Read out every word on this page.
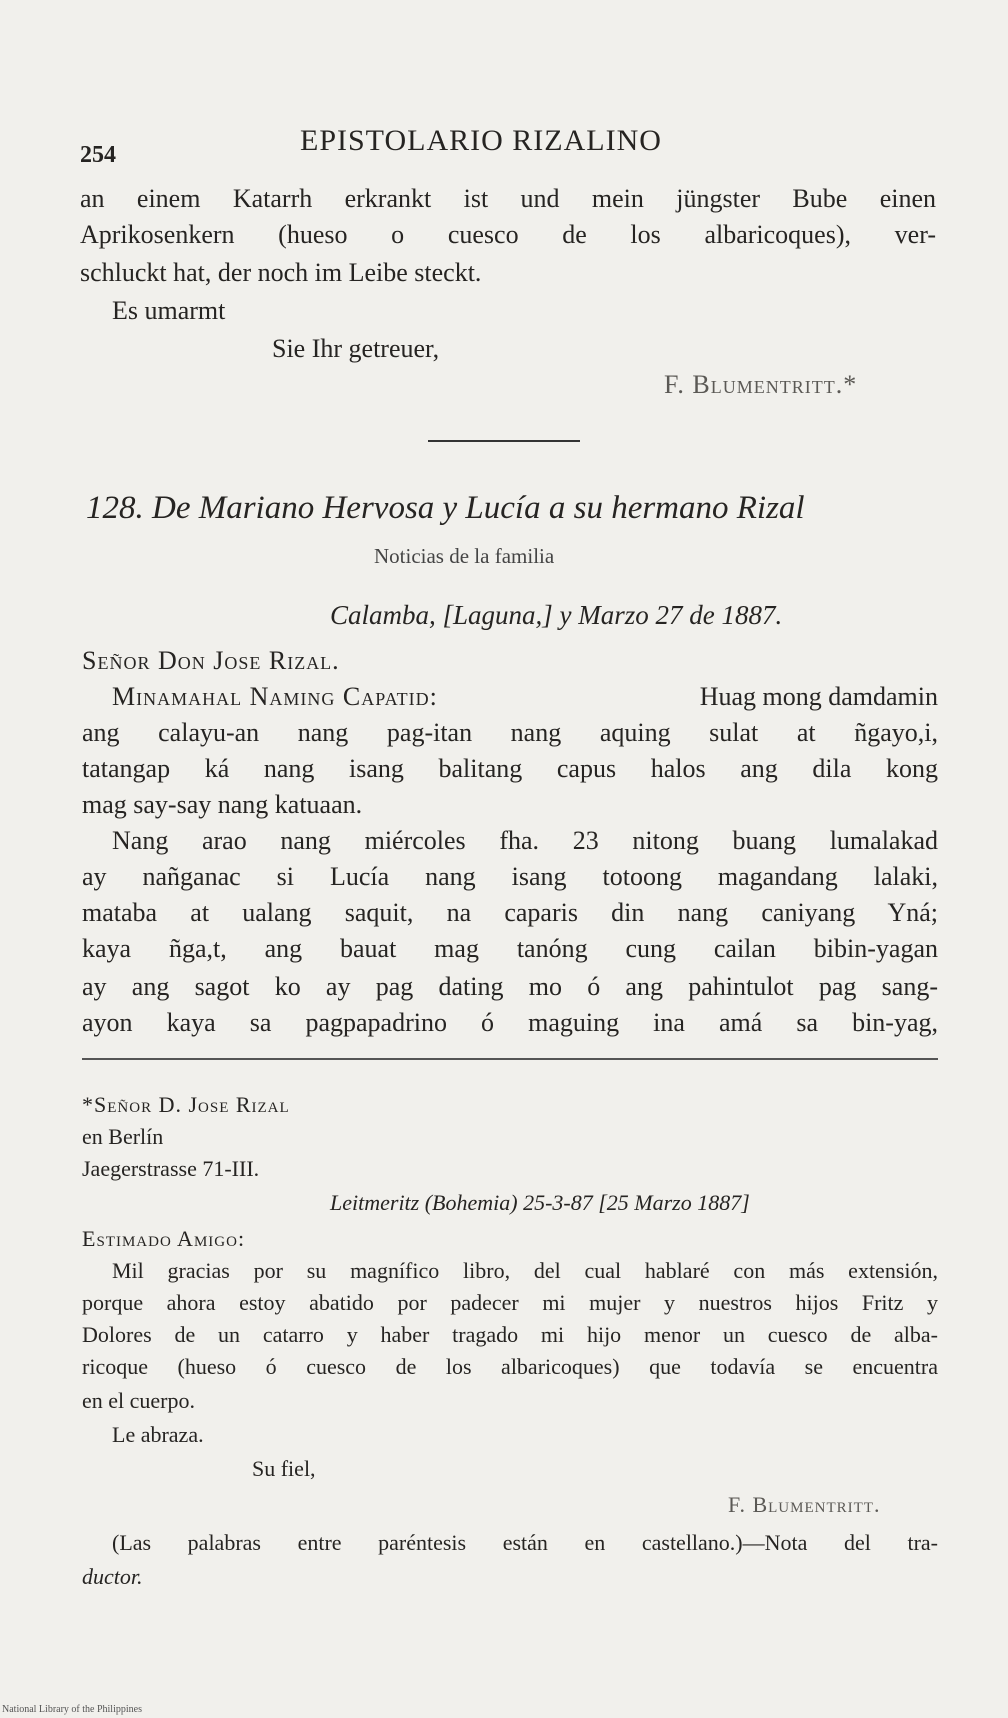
254	EPISTOLARIO RIZALINO
an einem Katarrh erkrankt ist und mein jüngster Bube einen
Aprikosenkern (hueso o cuesco de los albaricoques), ver-
schluckt hat, der noch im Leibe steckt.
Es umarmt
Sie Ihr getreuer,
F. Blumentritt.*
128. De Mariano Hervosa y Lucía a su hermano Rizal
Noticias de la familia
Calamba, [Laguna,] y Marzo 27 de 1887.
Señor Don Jose Rizal.
Minamahal Naming Capatid:	Huag mong damdamin
ang calayu-an nang pag-itan nang aquing sulat at ñgayo,i,
tatangap ká nang isang balitang capus halos ang dila kong
mag say-say nang katuaan.
Nang arao nang miércoles fha. 23 nitong buang lumalakad
ay nañganac si Lucía nang isang totoong magandang lalaki,
mataba at ualang saquit, na caparis din nang caniyang Yná;
kaya ñga,t, ang bauat mag tanóng cung cailan bibin-yagan
ay ang sagot ko ay pag dating mo ó ang pahintulot pag sang-
ayon kaya sa pagpapadrino ó maguing ina amá sa bin-yag,
*Señor D. Jose Rizal
en Berlín
Jaegerstrasse 71-III.
Leitmeritz (Bohemia) 25-3-87 [25 Marzo 1887]
Estimado Amigo:
Mil gracias por su magnífico libro, del cual hablaré con más extensión,
porque ahora estoy abatido por padecer mi mujer y nuestros hijos Fritz y
Dolores de un catarro y haber tragado mi hijo menor un cuesco de alba-
ricoque (hueso ó cuesco de los albaricoques) que todavía se encuentra
en el cuerpo.
Le abraza.
Su fiel,
F. Blumentritt.
(Las palabras entre paréntesis están en castellano.)—Nota del tra-
ductor.
National Library of the Philippines
